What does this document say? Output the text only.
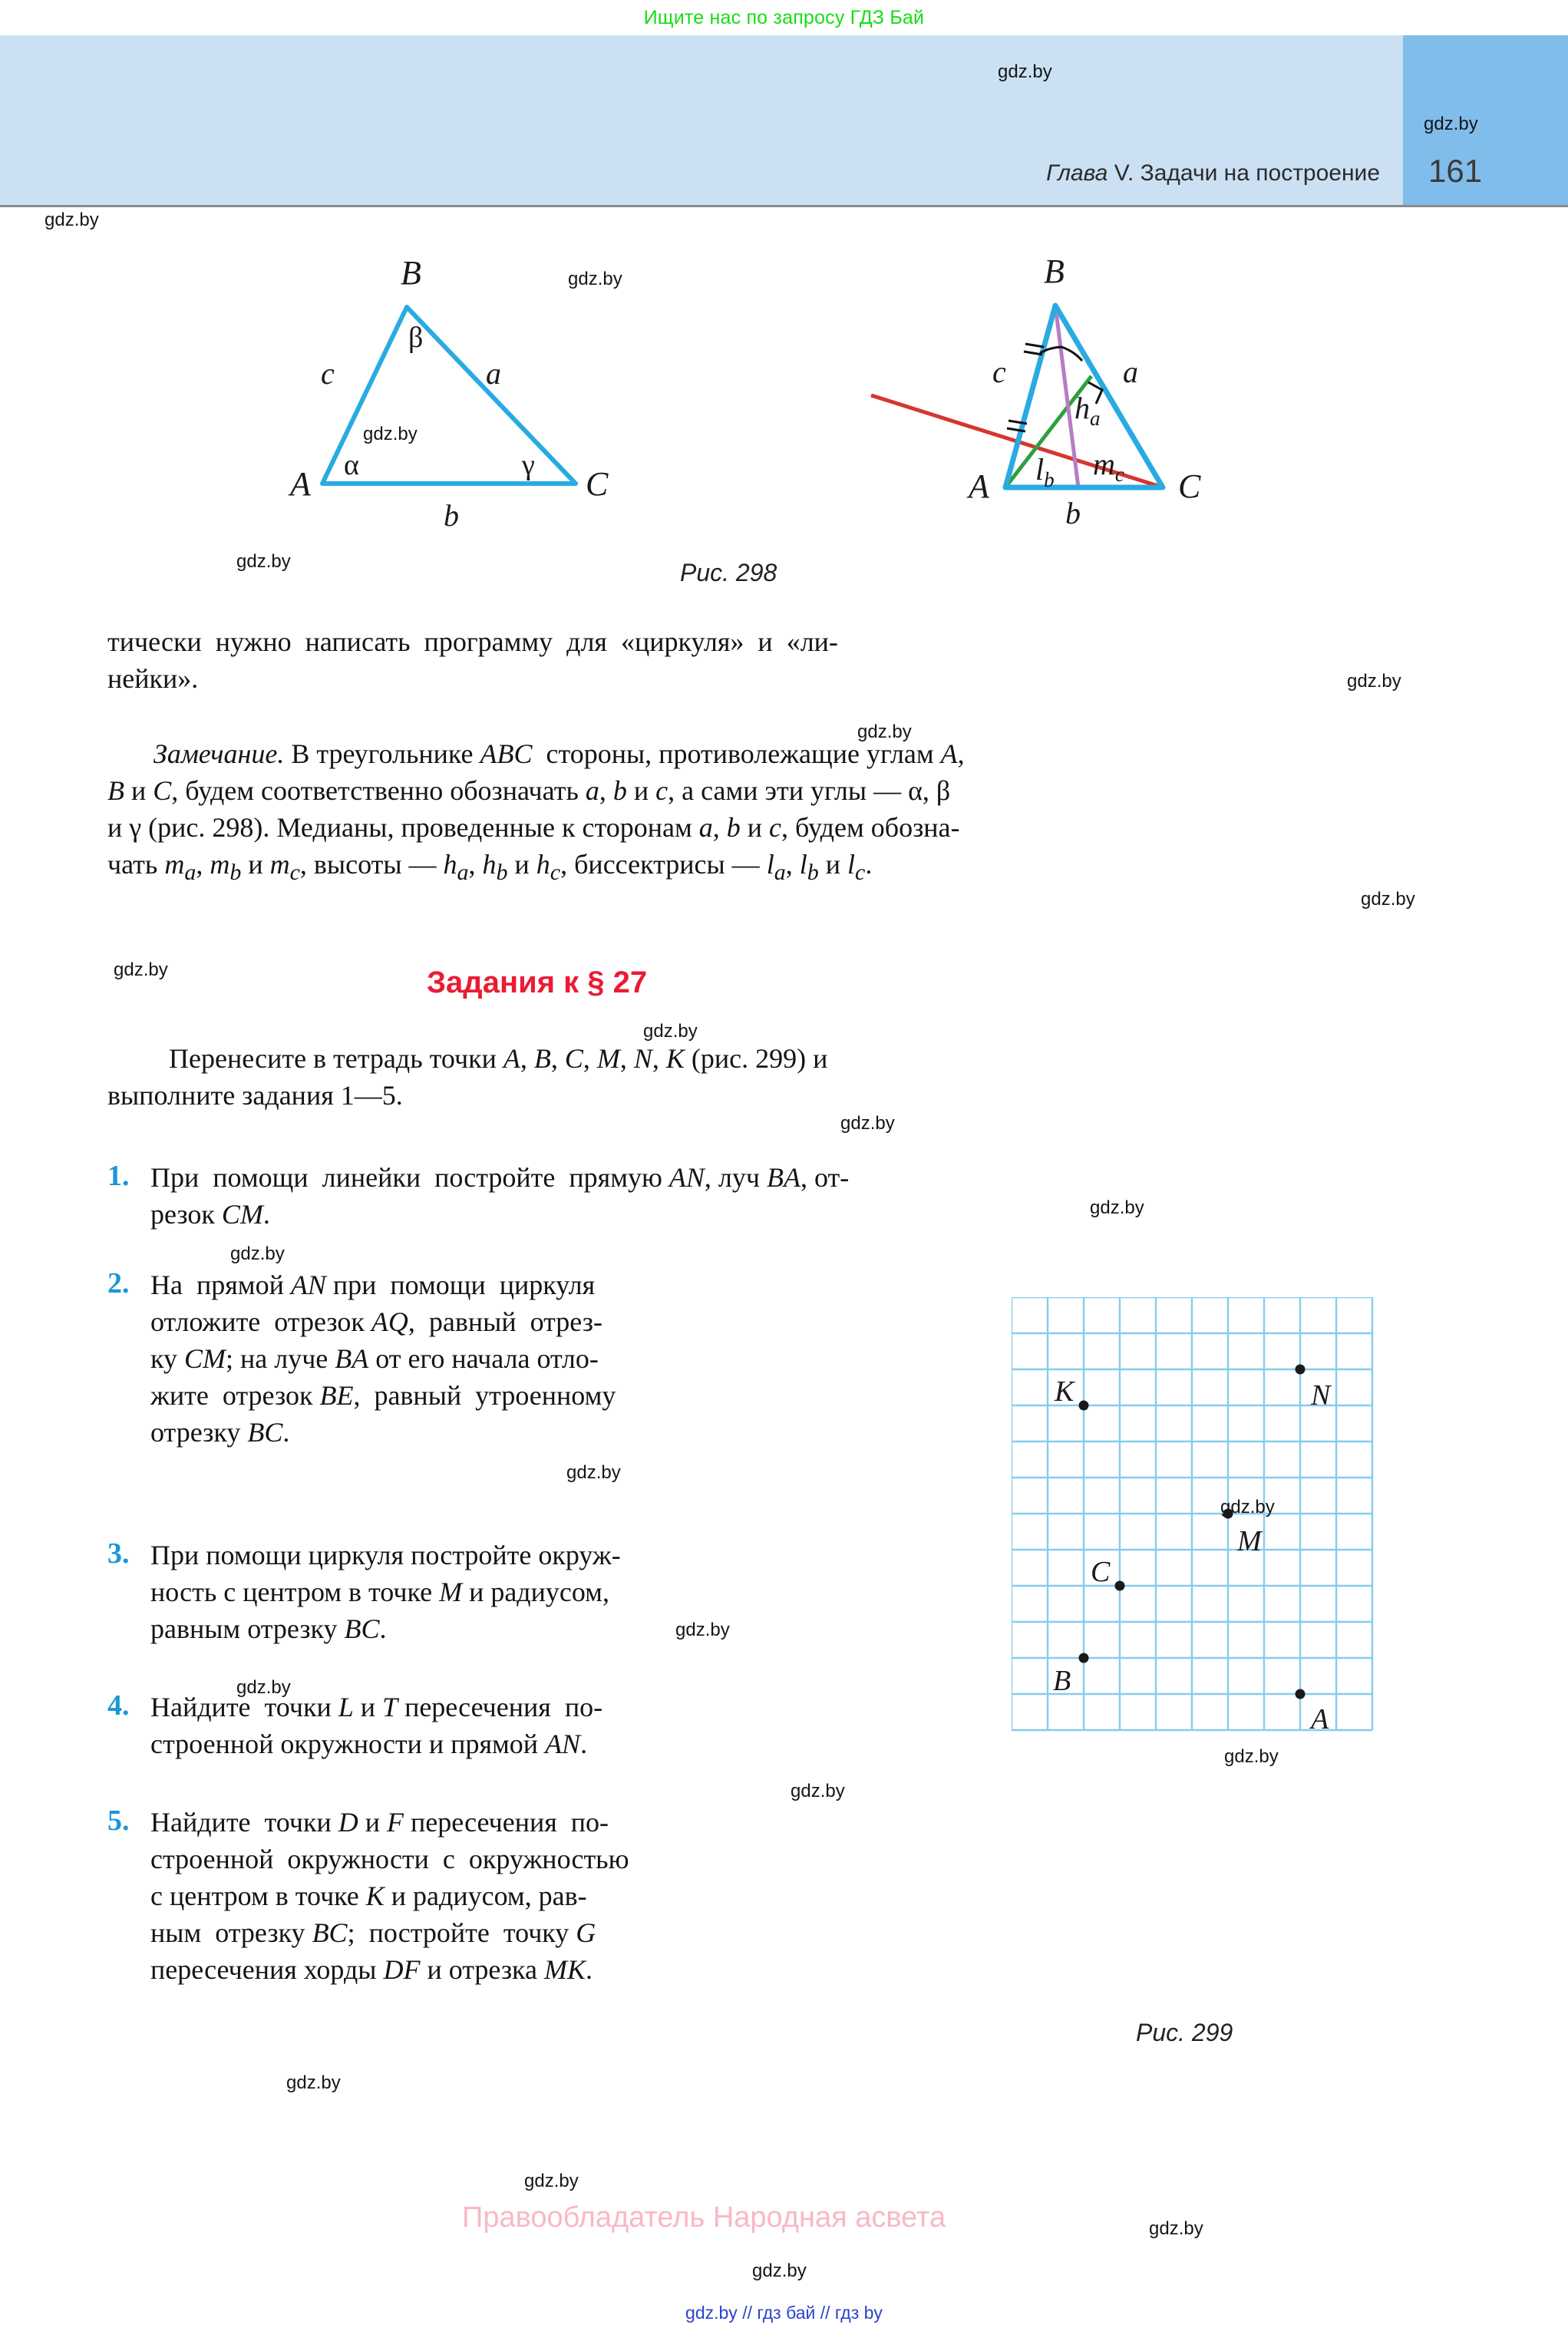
Ищите нас по запросу ГДЗ Бай
Глава V. Задачи на построение 161
B
A	C
c	a
b
β
α	γ
B
A	C
c	a
b
$h_a$
$l_b$ $m_c$
Рис. 298
тически  нужно  написать  программу  для  «циркуля»  и  «ли-
нейки».
Замечание. В треугольнике ABC  стороны, противолежащие углам A,
B и C, будем соответственно обозначать a, b и c, а сами эти углы — α, β
и γ (рис. 298). Медианы, проведенные к сторонам a, b и c, будем обозна-
чать $m_a$, $m_b$ и $m_c$, высоты — $h_a$, $h_b$ и $h_c$, биссектрисы — $l_a$, $l_b$ и $l_c$.
Задания к § 27
Перенесите в тетрадь точки A, B, C, M, N, K (рис. 299) и
выполните задания 1—5.
1. При  помощи  линейки  постройте  прямую AN, луч BA, от-
резок CM.
2. На  прямой AN при  помощи  циркуля
отложите  отрезок AQ,  равный  отрез-
ку CM; на луче BA от его начала отло-
жите  отрезок BE,  равный  утроенному
отрезку BC.
3. При помощи циркуля постройте окруж-
ность с центром в точке M и радиусом,
равным отрезку BC.
4. Найдите  точки L и T пересечения  по-
строенной окружности и прямой AN.
5. Найдите  точки D и F пересечения  по-
строенной  окружности  с  окружностью
с центром в точке K и радиусом, рав-
ным  отрезку BC;  постройте  точку G
пересечения хорды DF и отрезка MK.
K	N
M
C
B
A
Рис. 299
Правообладатель Народная асвета
gdz.by // гдз бай // гдз by
gdz.by
gdz.by
gdz.by
gdz.by
gdz.by
gdz.by
gdz.by
gdz.by
gdz.by
gdz.by
gdz.by
gdz.by
gdz.by
gdz.by
gdz.by
gdz.by
gdz.by
gdz.by
gdz.by
gdz.by
gdz.by
gdz.by
gdz.by
gdz.by
